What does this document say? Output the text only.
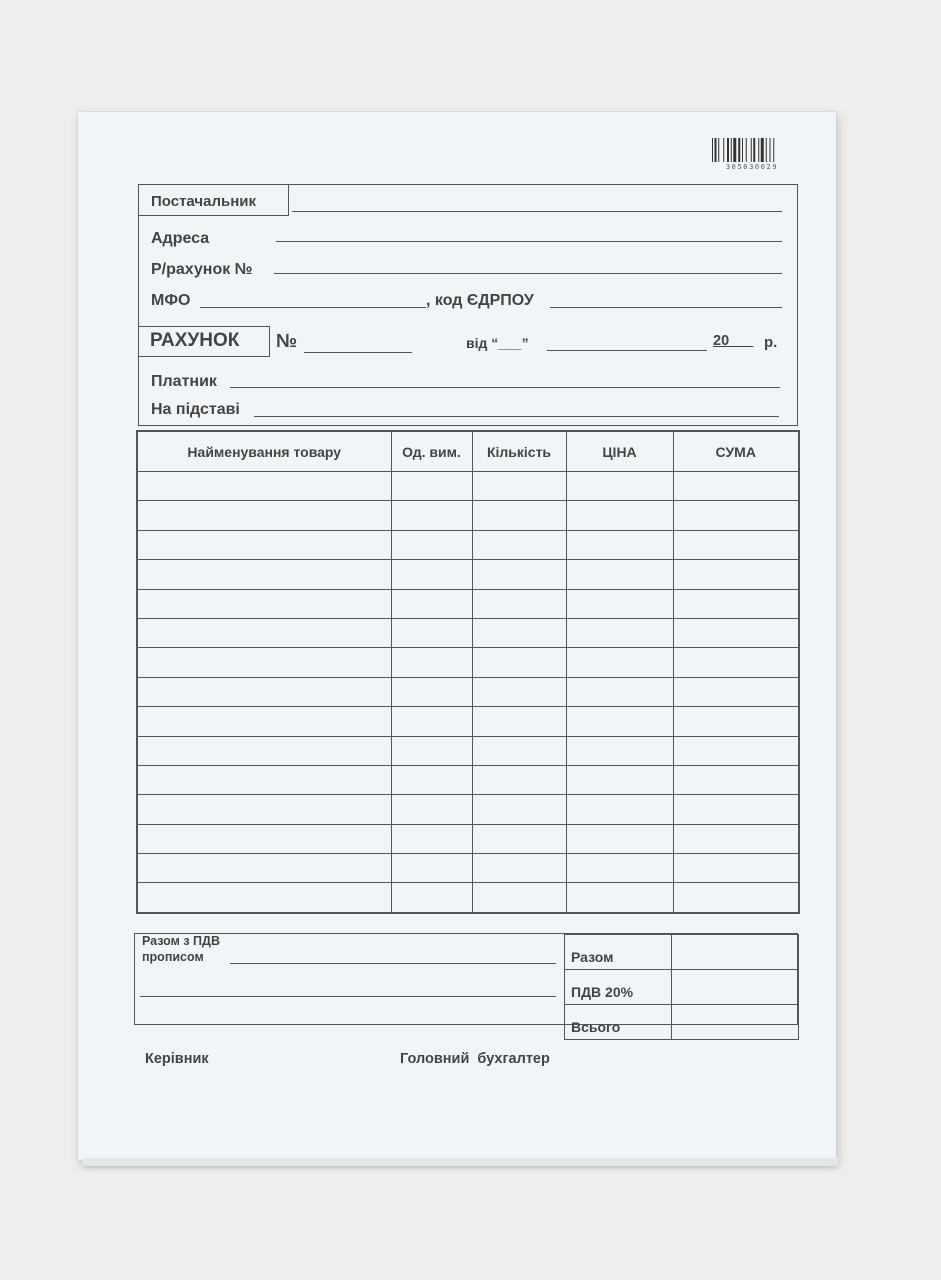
305030029
Постачальник
Адреса
Р/рахунок №
МФО	, код ЄДРПОУ
РАХУНОК №	від “___”	20___ р.
Платник
На підставі
Найменування товару	Од. вим.	Кількість	ЦІНА	СУМА

Разом з ПДВ
прописом	Разом	
ПДВ 20%	
Всього	
Керівник	Головний  бухгалтер
